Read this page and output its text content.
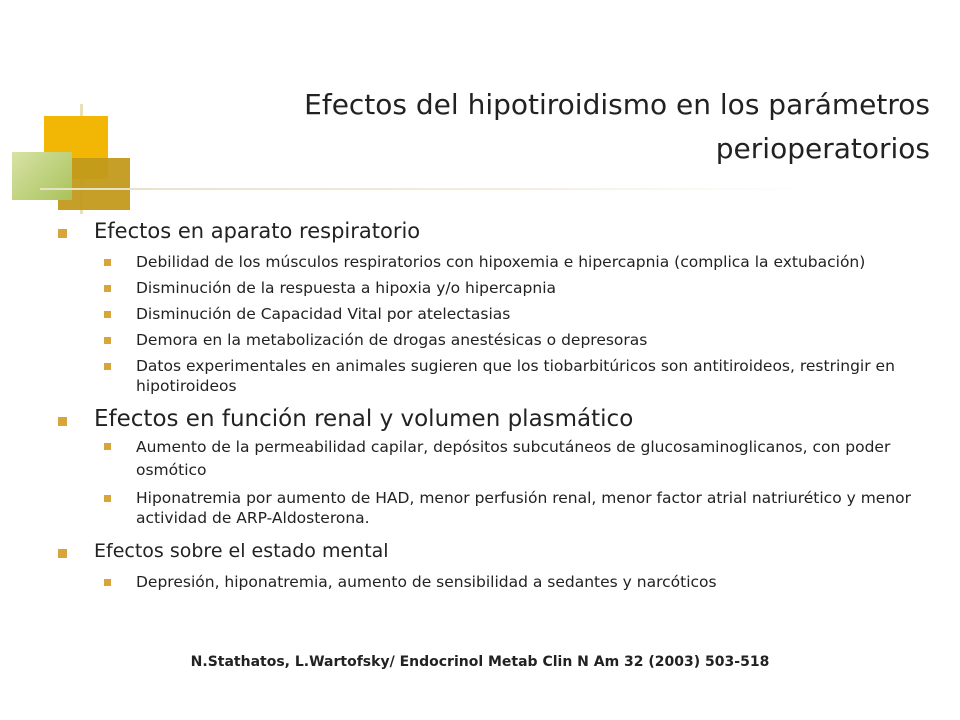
Efectos del hipotiroidismo en los parámetros
perioperatorios
Efectos en aparato respiratorio
Debilidad de los músculos respiratorios con hipoxemia e hipercapnia (complica la extubación)
Disminución de la respuesta a hipoxia y/o hipercapnia
Disminución de Capacidad Vital por atelectasias
Demora en la metabolización de drogas anestésicas o depresoras
Datos experimentales en animales sugieren que los tiobarbitúricos son antitiroideos, restringir en hipotiroideos
Efectos en función renal y volumen plasmático
Aumento de la permeabilidad capilar, depósitos subcutáneos de glucosaminoglicanos, con poder osmótico
Hiponatremia por aumento de HAD, menor perfusión renal, menor factor atrial natriurético y menor actividad de ARP-Aldosterona.
Efectos sobre el estado mental
Depresión, hiponatremia, aumento de sensibilidad a sedantes y narcóticos
N.Stathatos, L.Wartofsky/ Endocrinol Metab Clin N Am 32 (2003) 503-518
